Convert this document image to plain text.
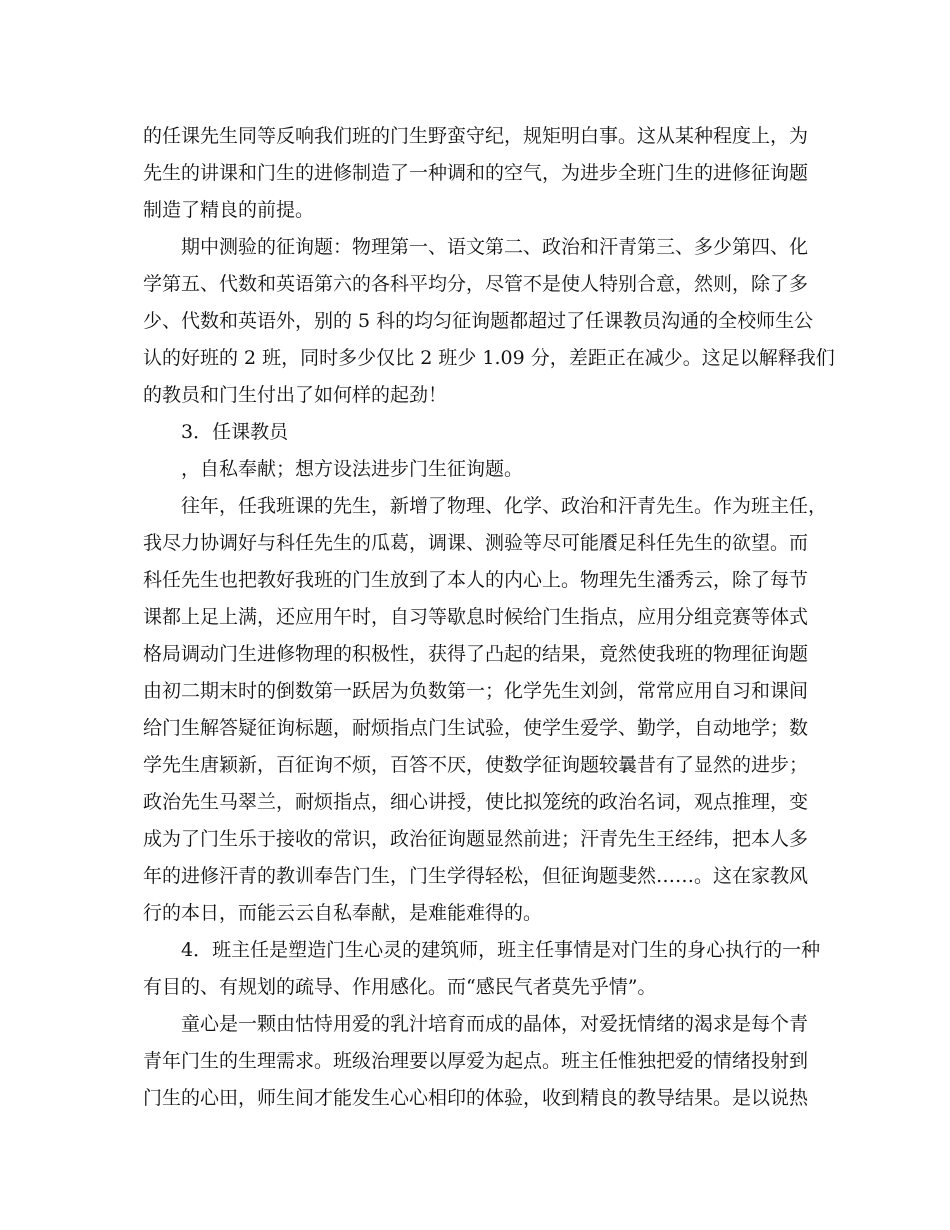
的任课先生同等反响我们班的门生野蛮守纪，规矩明白事。这从某种程度上，为
先生的讲课和门生的进修制造了一种调和的空气，为进步全班门生的进修征询题
制造了精良的前提。
期中测验的征询题：物理第一、语文第二、政治和汗青第三、多少第四、化
学第五、代数和英语第六的各科平均分，尽管不是使人特别合意，然则，除了多
少、代数和英语外，别的 5 科的均匀征询题都超过了任课教员沟通的全校师生公
认的好班的 2 班，同时多少仅比 2 班少 1.09 分，差距正在减少。这足以解释我们
的教员和门生付出了如何样的起劲！
3．任课教员
，自私奉献；想方设法进步门生征询题。
往年，任我班课的先生，新增了物理、化学、政治和汗青先生。作为班主任，
我尽力协调好与科任先生的瓜葛，调课、测验等尽可能餍足科任先生的欲望。而
科任先生也把教好我班的门生放到了本人的内心上。物理先生潘秀云，除了每节
课都上足上满，还应用午时，自习等歇息时候给门生指点，应用分组竞赛等体式
格局调动门生进修物理的积极性，获得了凸起的结果，竟然使我班的物理征询题
由初二期末时的倒数第一跃居为负数第一；化学先生刘剑，常常应用自习和课间
给门生解答疑征询标题，耐烦指点门生试验，使学生爱学、勤学，自动地学；数
学先生唐颖新，百征询不烦，百答不厌，使数学征询题较曩昔有了显然的进步；
政治先生马翠兰，耐烦指点，细心讲授，使比拟笼统的政治名词，观点推理，变
成为了门生乐于接收的常识，政治征询题显然前进；汗青先生王经纬，把本人多
年的进修汗青的教训奉告门生，门生学得轻松，但征询题斐然……。这在家教风
行的本日，而能云云自私奉献，是难能难得的。
4．班主任是塑造门生心灵的建筑师，班主任事情是对门生的身心执行的一种
有目的、有规划的疏导、作用感化。而“感民气者莫先乎情”。
童心是一颗由怙恃用爱的乳汁培育而成的晶体，对爱抚情绪的渴求是每个青
青年门生的生理需求。班级治理要以厚爱为起点。班主任惟独把爱的情绪投射到
门生的心田，师生间才能发生心心相印的体验，收到精良的教导结果。是以说热
